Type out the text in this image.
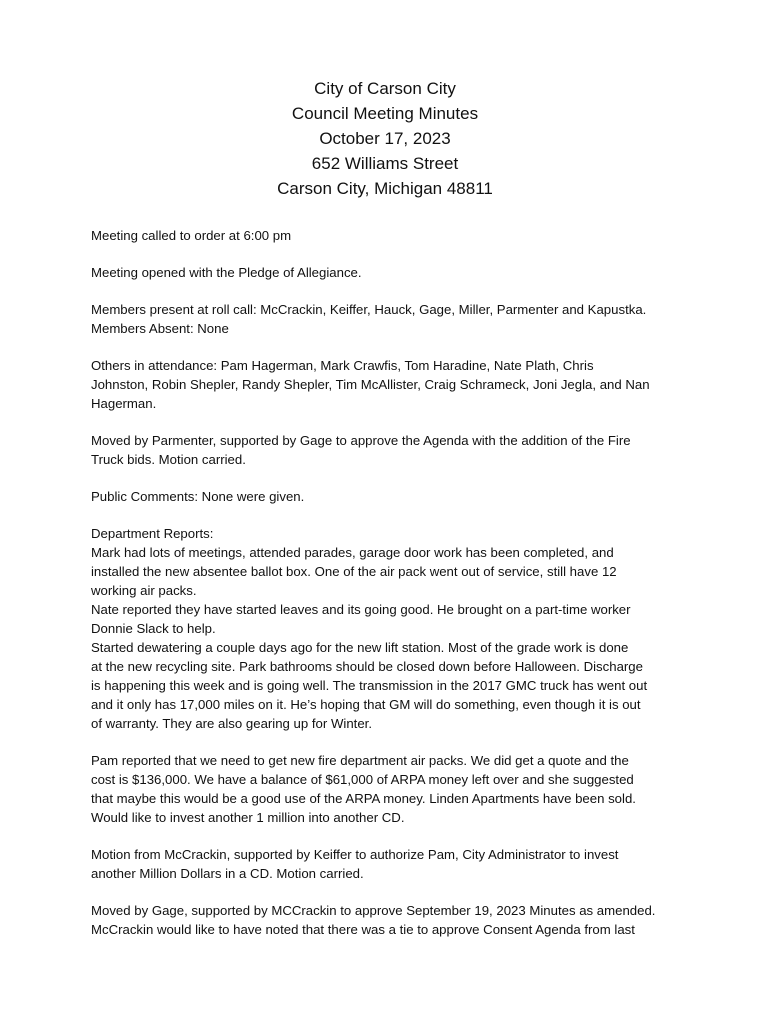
City of Carson City
Council Meeting Minutes
October 17, 2023
652 Williams Street
Carson City, Michigan 48811
Meeting called to order at 6:00 pm
Meeting opened with the Pledge of Allegiance.
Members present at roll call: McCrackin, Keiffer, Hauck, Gage, Miller, Parmenter and Kapustka.
Members Absent: None
Others in attendance: Pam Hagerman, Mark Crawfis, Tom Haradine, Nate Plath, Chris
Johnston, Robin Shepler, Randy Shepler, Tim McAllister, Craig Schrameck, Joni Jegla, and Nan
Hagerman.
Moved by Parmenter, supported by Gage to approve the Agenda with the addition of the Fire
Truck bids. Motion carried.
Public Comments: None were given.
Department Reports:
Mark had lots of meetings, attended parades, garage door work has been completed, and
installed the new absentee ballot box. One of the air pack went out of service, still have 12
working air packs.
Nate reported they have started leaves and its going good. He brought on a part-time worker
Donnie Slack to help.
Started dewatering a couple days ago for the new lift station. Most of the grade work is done
at the new recycling site. Park bathrooms should be closed down before Halloween. Discharge
is happening this week and is going well. The transmission in the 2017 GMC truck has went out
and it only has 17,000 miles on it. He’s hoping that GM will do something, even though it is out
of warranty. They are also gearing up for Winter.
Pam reported that we need to get new fire department air packs. We did get a quote and the
cost is $136,000. We have a balance of $61,000 of ARPA money left over and she suggested
that maybe this would be a good use of the ARPA money. Linden Apartments have been sold.
Would like to invest another 1 million into another CD.
Motion from McCrackin, supported by Keiffer to authorize Pam, City Administrator to invest
another Million Dollars in a CD. Motion carried.
Moved by Gage, supported by MCCrackin to approve September 19, 2023 Minutes as amended.
McCrackin would like to have noted that there was a tie to approve Consent Agenda from last
